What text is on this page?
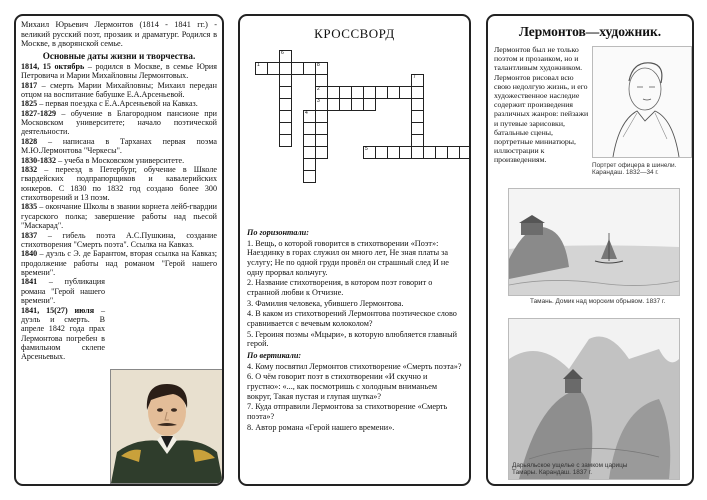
Михаил Юрьевич Лермонтов (1814 - 1841 гг.) - великий русский поэт, прозаик и драматург. Родился в Москве, в дворянской семье.

Основные даты жизни и творчества.

1814, 15 октябрь – родился в Москве, в семье Юрия Петровича и Марии Михайловны Лермонтовых.

1817 – смерть Марии Михайловны; Михаил передан отцом на воспитание бабушке Е.А.Арсеньевой.

1825 – первая поездка с Е.А.Арсеньевой на Кавказ.

1827-1829 – обучение в Благородном пансионе при Московском университете; начало поэтической деятельности.

1828 – написана в Тарханах первая поэма М.Ю.Лермонтова "Черкесы".

1830-1832 – учеба в Московском университете.

1832 – переезд в Петербург, обучение в Школе гвардейских подпрапорщиков и кавалерийских юнкеров. С 1830 по 1832 год создано более 300 стихотворений и 13 поэм.

1835 – окончание Школы в звании корнета лейб-гвардии гусарского полка; завершение работы над пьесой "Маскарад".

1837 – гибель поэта А.С.Пушкина, создание стихотворения "Смерть поэта". Ссылка на Кавказ.

1840 – дуэль с Э. де Барантом, вторая ссылка на Кавказ; продолжение работы над романом "Герой нашего времени".

1841 – публикация романа "Герой нашего времени".

1841, 15(27) июля – дуэль и смерть. В апреле 1842 года прах Лермонтова погребен в фамильном склепе Арсеньевых.

КРОССВОРД
6
1	8
2
3
7
4
5
По горизонтали:

1. Вещь, о которой говорится в стихотворении «Поэт»: Наездинку в горах служил он много лет, Не зная платы за услугу; Не по одной груди провёл он страшный след И не одну прорвал кольчугу.

2. Название стихотворения, в котором поэт говорит о странной любви к Отчизне.

3. Фамилия человека, убившего Лермонтова.

4. В каком из стихотворений Лермонтова поэтическое слово сравнивается с вечевым колоколом?

5. Героиня поэмы «Мцыри», в которую влюбляется главный герой.

По вертикали:

4. Кому посвятил Лермонтов стихотворение «Смерть поэта»?

6. О чём говорит поэт в стихотворении «И скучно и грустно»: «..., как посмотришь с холодным вниманьем вокруг, Такая пустая и глупая шутка»?

7. Куда отправили Лермонтова за стихотворение «Смерть поэта»?

8. Автор романа «Герой нашего времени».

Лермонтов—художник.

Лермонтов был не только поэтом и прозаиком, но и талантливым художником. Лермонтов рисовал всю свою недолгую жизнь, и его художественное наследие содержит произведения различных жанров: пейзажи и путевые зарисовки, батальные сцены, портретные миниатюры, иллюстрации к произведениям.

Портрет офицера в шинели. Карандаш. 1832—34 г.
Тамань. Домик над морским обрывом. 1837 г.
Дарьяльское ущелье с замком царицы Тамары. Карандаш. 1837 г.
